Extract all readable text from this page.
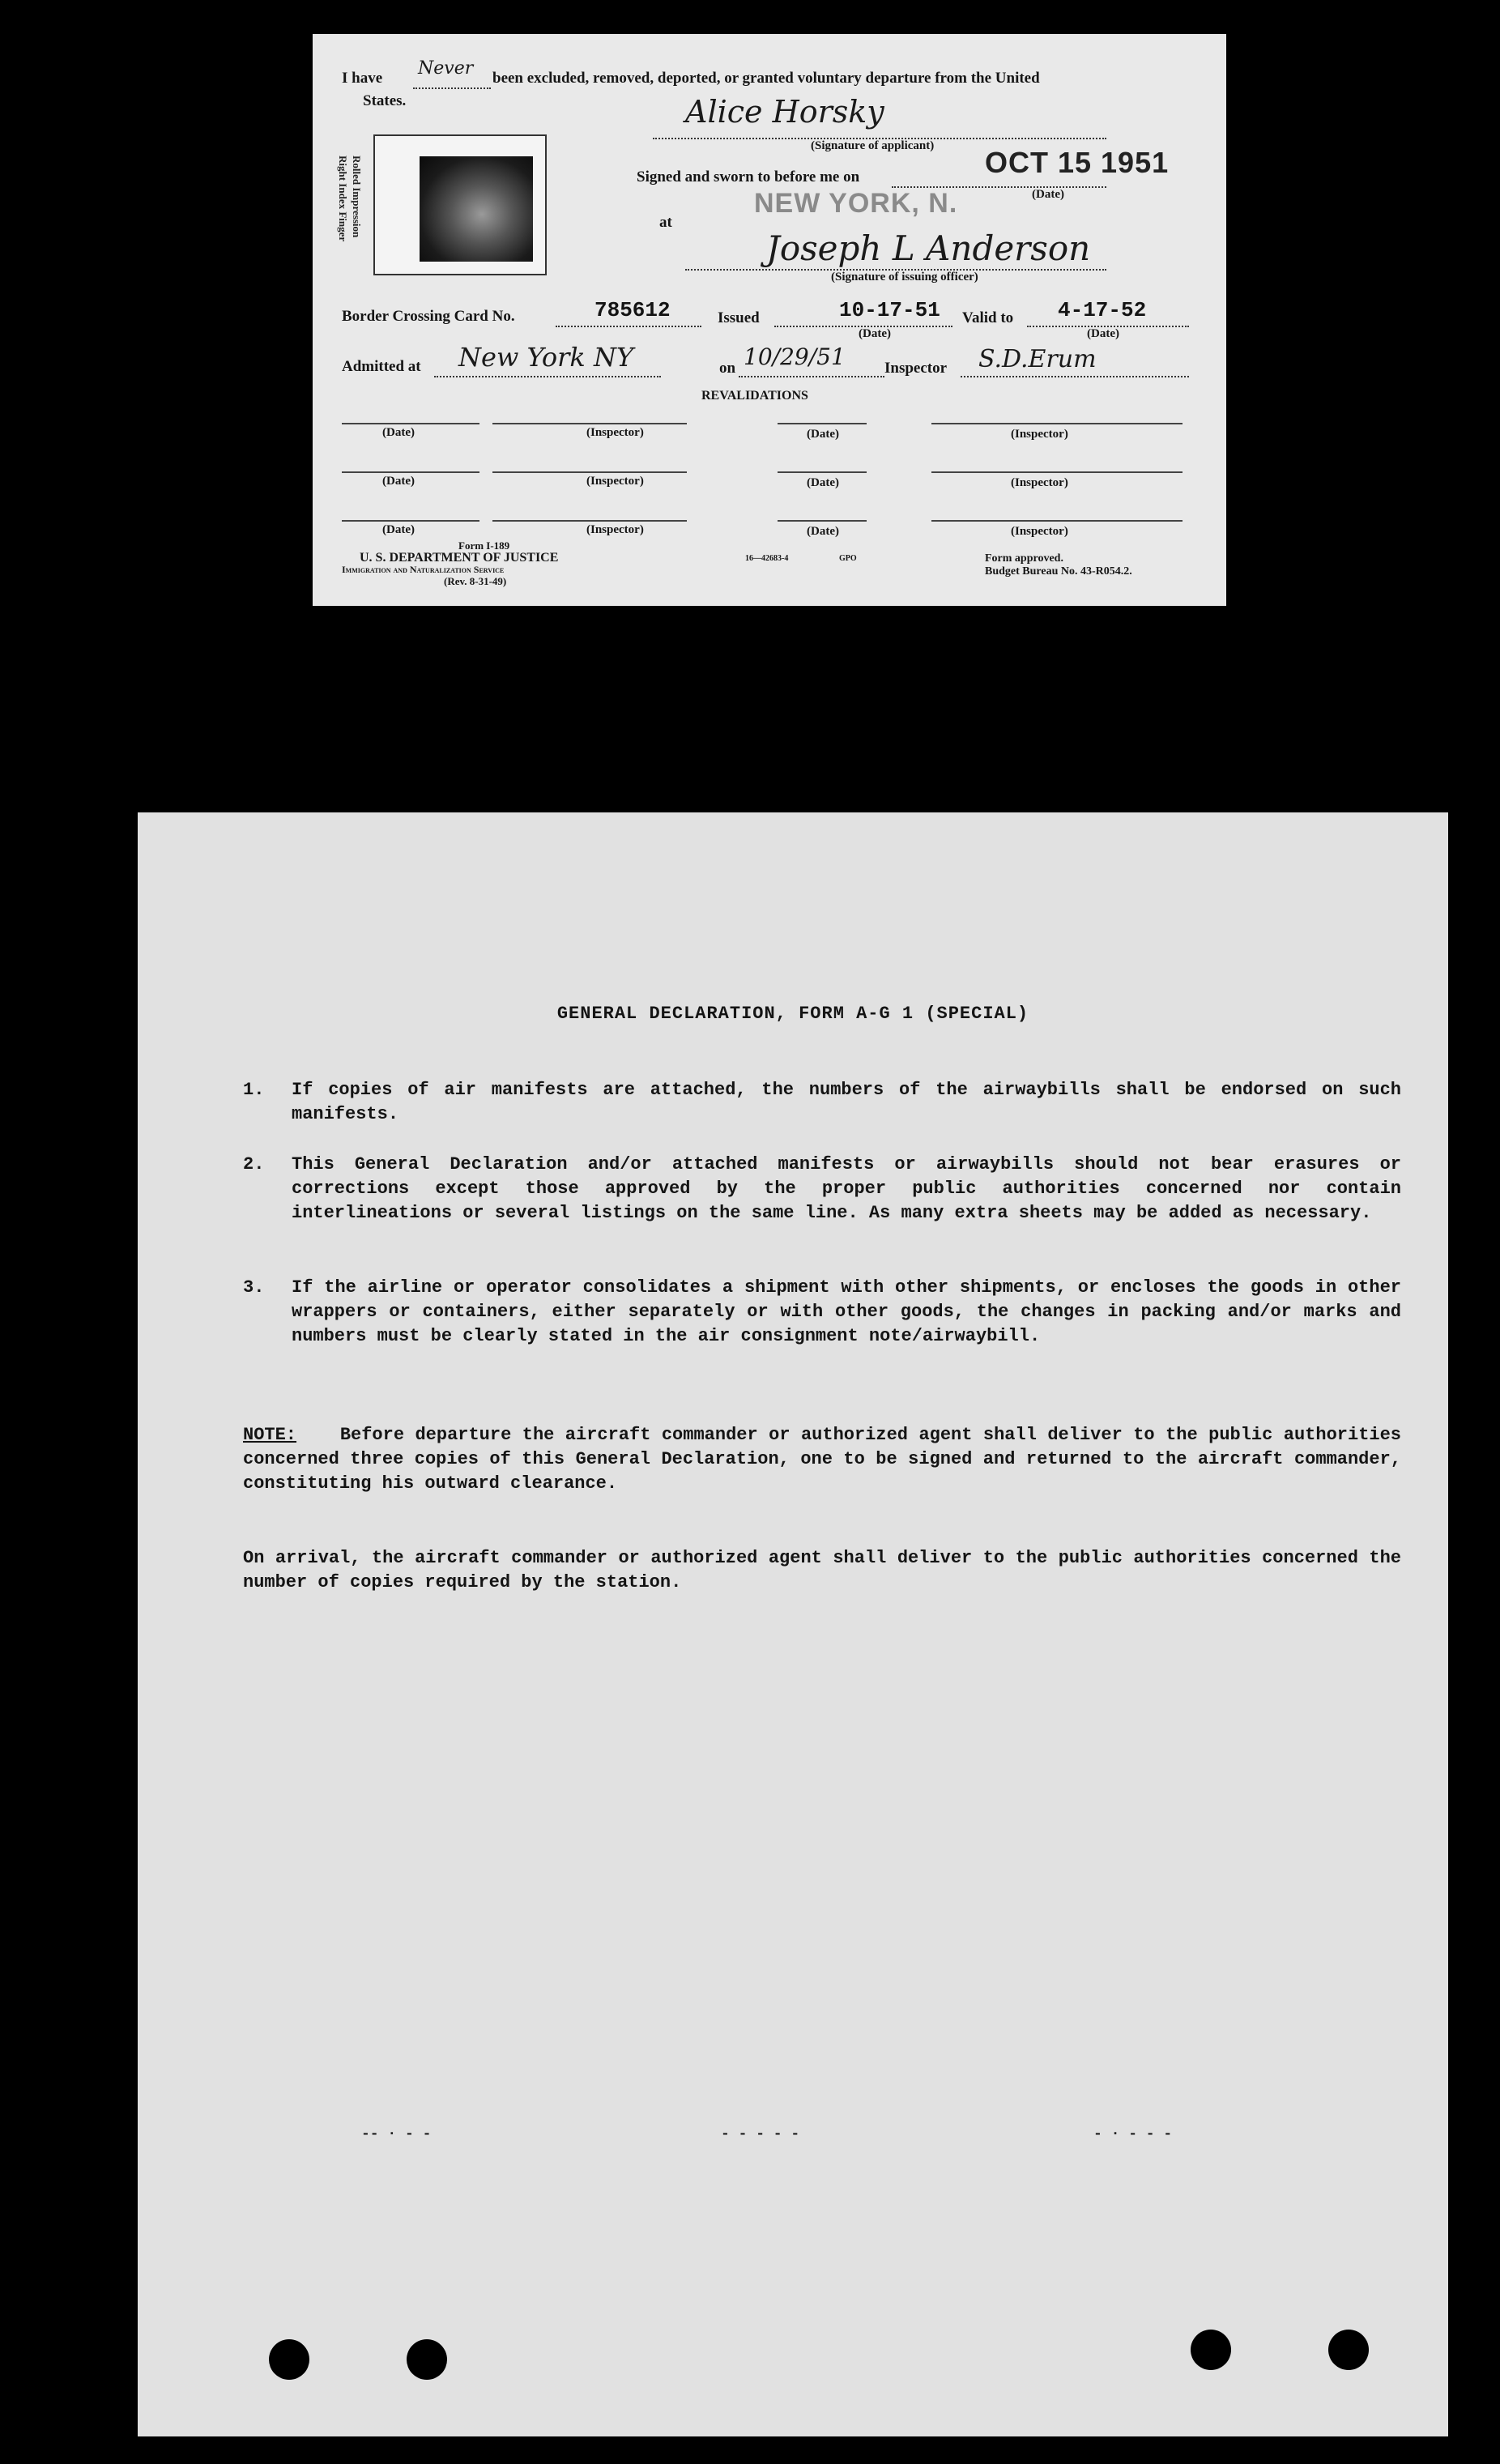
I have Never been excluded, removed, deported, or granted voluntary departure from the United
States.	Alice Horsky
(Signature of applicant)
Rolled Impression
Right Index Finger	Signed and sworn to before me on	OCT 15 1951
(Date)
at
NEW YORK, N.
Joseph L Anderson
(Signature of issuing officer)
Border Crossing Card No.	785612	Issued	10-17-51
(Date)
Valid to 4-17-52
(Date)
Admitted at New York NY	on 10/29/51	Inspector S.D.Erum
REVALIDATIONS
(Date)	(Inspector)	(Date)	(Inspector)
(Date)	(Inspector)	(Date)	(Inspector)
(Date)	(Inspector)	(Date)	(Inspector)
Form I-189
U. S. DEPARTMENT OF JUSTICE
Immigration and Naturalization Service
(Rev. 8-31-49)
16—42683-4	GPO	Form approved.
Budget Bureau No. 43-R054.2.
GENERAL DECLARATION, FORM A-G 1 (SPECIAL)
1. If copies of air manifests are attached, the numbers of the airwaybills shall be endorsed on such manifests.
2. This General Declaration and/or attached manifests or airwaybills should not bear erasures or corrections except those approved by the proper public authorities concerned nor contain interlineations or several listings on the same line. As many extra sheets may be added as necessary.
3. If the airline or operator consolidates a shipment with other shipments, or encloses the goods in other wrappers or containers, either separately or with other goods, the changes in packing and/or marks and numbers must be clearly stated in the air consignment note/airwaybill.
NOTE: Before departure the aircraft commander or authorized agent shall deliver to the public authorities concerned three copies of this General Declaration, one to be signed and returned to the aircraft commander, constituting his outward clearance.
On arrival, the aircraft commander or authorized agent shall deliver to the public authorities concerned the number of copies required by the station.
-- · - -	- - - - -	- · - - -
